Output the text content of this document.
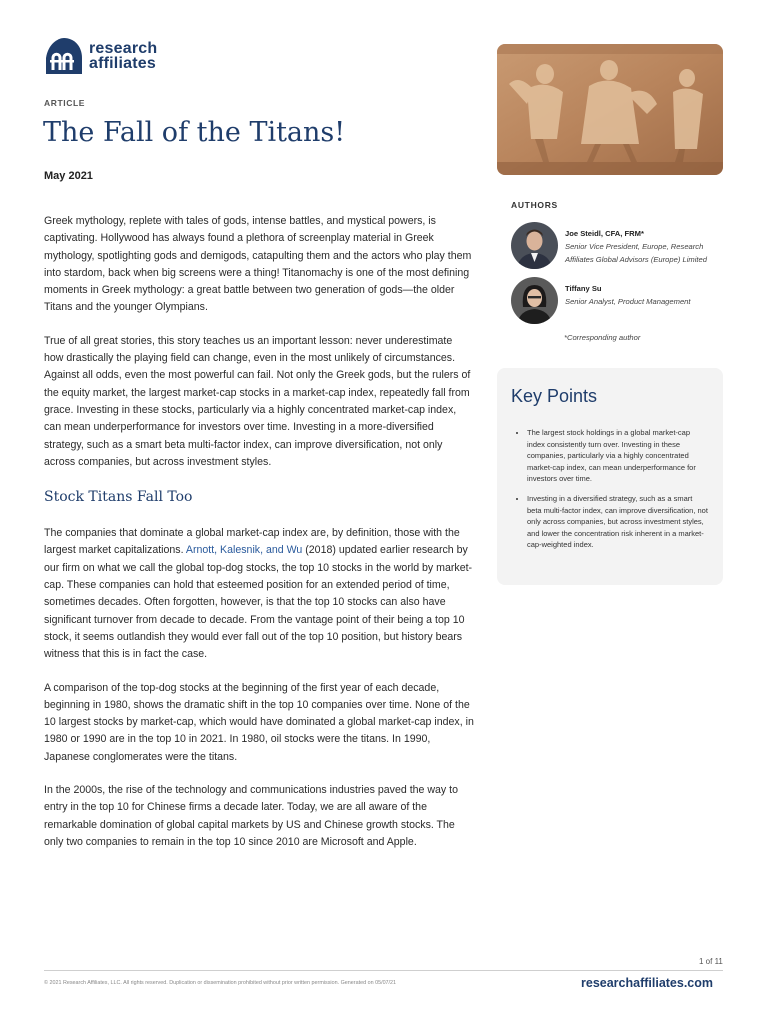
research
affiliates
ARTICLE
The Fall of the Titans!
May 2021

Greek mythology, replete with tales of gods, intense battles, and mystical powers, is captivating. Hollywood has always found a plethora of screenplay material in Greek mythology, spotlighting gods and demigods, catapulting them and the actors who play them into stardom, back when big screens were a thing! Titanomachy is one of the most defining moments in Greek mythology: a great battle between two generation of gods—the older Titans and the younger Olympians.

True of all great stories, this story teaches us an important lesson: never underestimate how drastically the playing field can change, even in the most unlikely of circumstances. Against all odds, even the most powerful can fail. Not only the Greek gods, but the rulers of the equity market, the largest market-cap stocks in a market-cap index, repeatedly fall from grace. Investing in these stocks, particularly via a highly concentrated market-cap index, can mean underperformance for investors over time. Investing in a more-diversified strategy, such as a smart beta multi-factor index, can improve diversification, not only across companies, but across investment styles.

Stock Titans Fall Too

The companies that dominate a global market-cap index are, by definition, those with the largest market capitalizations. Arnott, Kalesnik, and Wu (2018) updated earlier research by our firm on what we call the global top-dog stocks, the top 10 stocks in the world by market-cap. These companies can hold that esteemed position for an extended period of time, sometimes decades. Often forgotten, however, is that the top 10 stocks can also have significant turnover from decade to decade. From the vantage point of their being a top 10 stock, it seems outlandish they would ever fall out of the top 10 position, but history bears witness that this is in fact the case.

A comparison of the top-dog stocks at the beginning of the first year of each decade, beginning in 1980, shows the dramatic shift in the top 10 companies over time. None of the 10 largest stocks by market-cap, which would have dominated a global market-cap index, in 1980 or 1990 are in the top 10 in 2021. In 1980, oil stocks were the titans. In 1990, Japanese conglomerates were the titans.

In the 2000s, the rise of the technology and communications industries paved the way to entry in the top 10 for Chinese firms a decade later. Today, we are all aware of the remarkable domination of global capital markets by US and Chinese growth stocks. The only two companies to remain in the top 10 since 2010 are Microsoft and Apple.

AUTHORS
Joe Steidl, CFA, FRM*
Senior Vice President, Europe, Research Affiliates Global Advisors (Europe) Limited
Tiffany Su
Senior Analyst, Product Management
*Corresponding author
Key Points
• The largest stock holdings in a global market-cap index consistently turn over. Investing in these companies, particularly via a highly concentrated market-cap index, can mean underperformance for investors over time.
• Investing in a diversified strategy, such as a smart beta multi-factor index, can improve diversification, not only across companies, but across investment styles, and lower the concentration risk inherent in a market-cap-weighted index.
1 of 11
© 2021 Research Affiliates, LLC. All rights reserved. Duplication or dissemination prohibited without prior written permission. Generated on 05/07/21	researchaffiliates.com
